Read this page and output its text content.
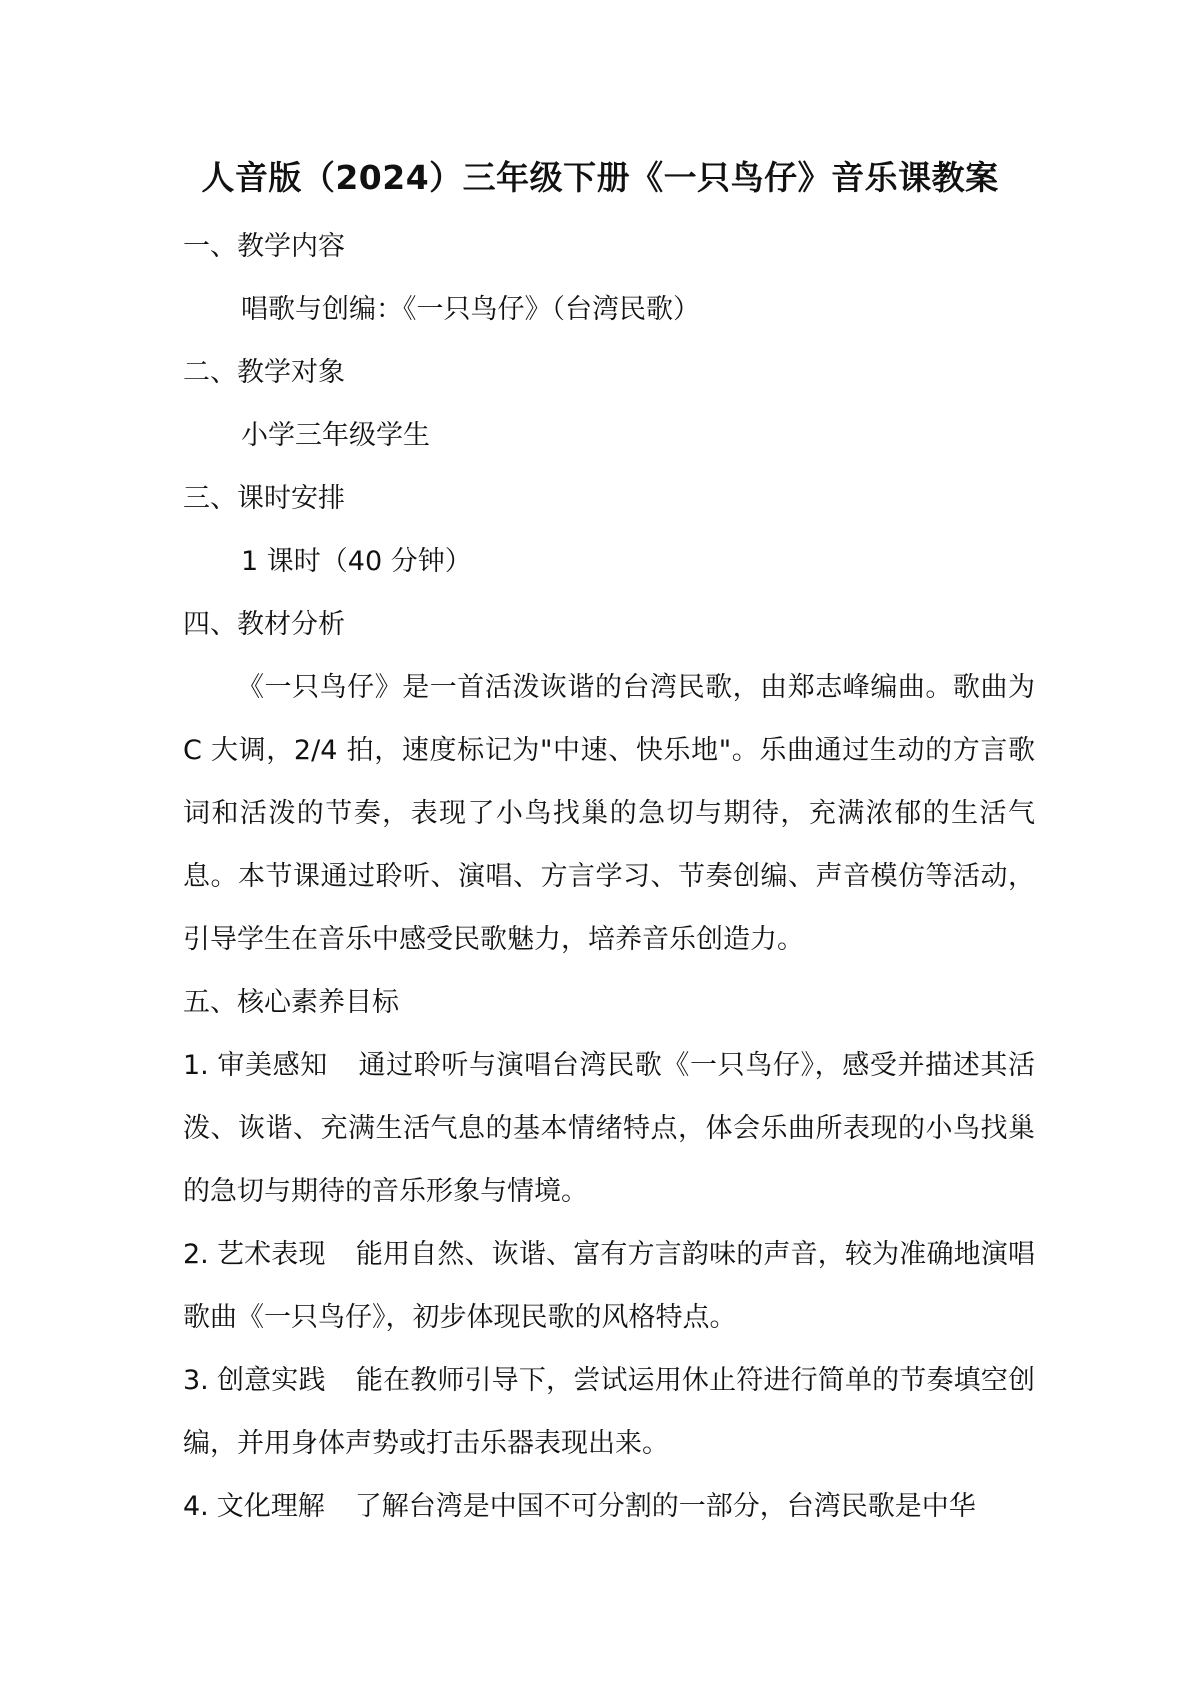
人音版（2024）三年级下册《一只鸟仔》音乐课教案

一、教学内容

唱歌与创编：《一只鸟仔》（台湾民歌）

二、教学对象

小学三年级学生

三、课时安排

1 课时（40 分钟）

四、教材分析

《一只鸟仔》是一首活泼诙谐的台湾民歌，由郑志峰编曲。歌曲为 C 大调，2/4 拍，速度标记为"中速、快乐地"。乐曲通过生动的方言歌词和活泼的节奏，表现了小鸟找巢的急切与期待，充满浓郁的生活气息。本节课通过聆听、演唱、方言学习、节奏创编、声音模仿等活动，引导学生在音乐中感受民歌魅力，培养音乐创造力。

五、核心素养目标

1. 审美感知 通过聆听与演唱台湾民歌《一只鸟仔》，感受并描述其活泼、诙谐、充满生活气息的基本情绪特点，体会乐曲所表现的小鸟找巢的急切与期待的音乐形象与情境。

2. 艺术表现 能用自然、诙谐、富有方言韵味的声音，较为准确地演唱歌曲《一只鸟仔》，初步体现民歌的风格特点。

3. 创意实践 能在教师引导下，尝试运用休止符进行简单的节奏填空创编，并用身体声势或打击乐器表现出来。

4. 文化理解 了解台湾是中国不可分割的一部分，台湾民歌是中华
